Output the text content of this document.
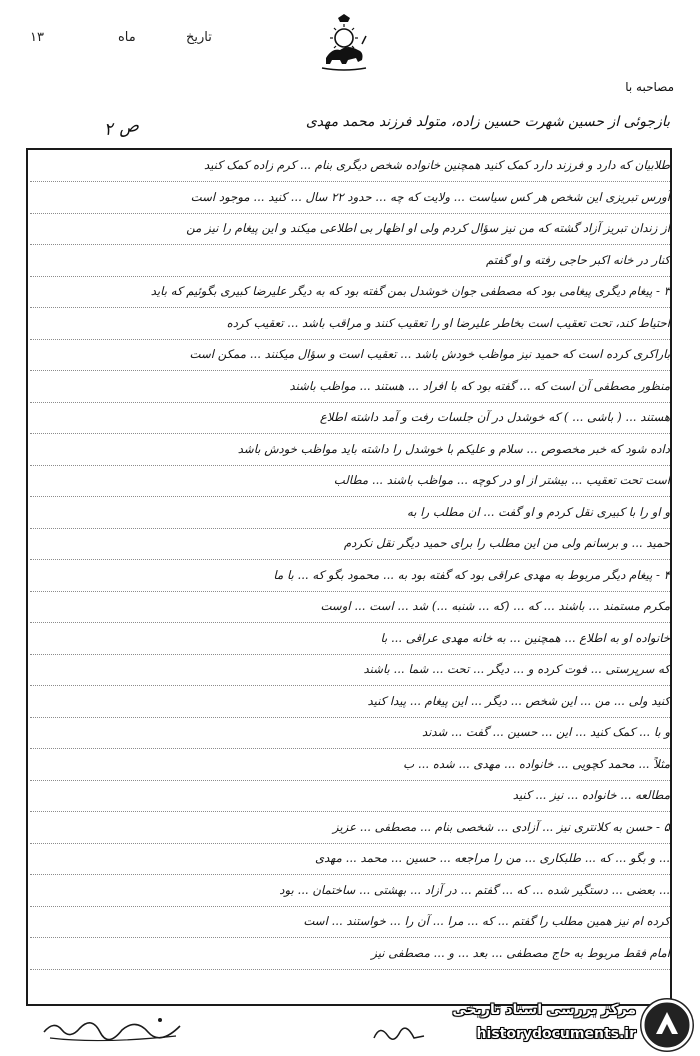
تاریخ
ماه
۱۳
مصاحبه با
بازجوئی از حسین شهرت حسین زاده، متولد فرزند محمد مهدی
ص ۲
طلابیان که دارد و فرزند دارد کمک کنید همچنین خانواده شخص دیگری بنام ... کرم زاده کمک کنید
آورس تبریزی این شخص هر کس سیاست ... ولایت که چه ... حدود ۲۲ سال ... کنید ... موجود است
از زندان تبریز آزاد گشته که من نیز سؤال کردم ولی او اظهار بی اطلاعی میکند و این پیغام را نیز من
کنار در خانه اکبر حاجی رفته و او گفتم
۳ - پیغام دیگری پیغامی بود که مصطفی جوان خوشدل بمن گفته بود که به دیگر علیرضا کبیری بگوئیم که باید
احتیاط کند، تحت تعقیب است بخاطر علیرضا او را تعقیب کنند و مراقب باشد ... تعقیب کرده
باراکری کرده است که حمید نیز مواظب خودش باشد ... تعقیب است و سؤال میکنند ... ممکن است
منظور مصطفی آن است که ... گفته بود که با افراد ... هستند ... مواظب باشند
هستند ... ( باشی ... ) که خوشدل در آن جلسات رفت و آمد داشته اطلاع
داده شود که خبر مخصوص ... سلام و علیکم با خوشدل را داشته باید مواظب خودش باشد
است تحت تعقیب ... بیشتر از او در کوچه ... مواظب باشند ... مطالب
و او را با کبیری نقل کردم و او گفت ... ان مطلب را به
حمید ... و برسانم ولی من این مطلب را برای حمید دیگر نقل نکردم
۴ - پیغام دیگر مربوط به مهدی عراقی بود که گفته بود به ... محمود بگو که ... با ما
مکرم مستمند ... باشند ... که ... (که ... شنبه ...) شد ... است ... اوست
خانواده او به اطلاع ... همچنین ... به خانه مهدی عراقی ... با
که سرپرستی ... فوت کرده و ... دیگر ... تحت ... شما ... باشند
کنید ولی ... من ... این شخص ... دیگر ... این پیغام ... پیدا کنید
و با ... کمک کنید ... این ... حسین ... گفت ... شدند
مثلاً ... محمد کچویی ... خانواده ... مهدی ... شده ... ب
مطالعه ... خانواده ... نیز ... کنید
۵ - حسن به کلانتری نیز ... آزادی ... شخصی بنام ... مصطفی ... عزیز
... و بگو ... که ... طلبکاری ... من را مراجعه ... حسین ... محمد ... مهدی
... بعضی ... دستگیر شده ... که ... گفتم ... در آزاد ... بهشتی ... ساختمان ... بود
کرده ام نیز همین مطلب را گفتم ... که ... مرا ... آن را ... خواستند ... است
امام فقط مربوط به حاج مصطفی ... بعد ... و ... مصطفی نیز
مرکز بررسی اسناد تاریخی
historydocuments.ir
